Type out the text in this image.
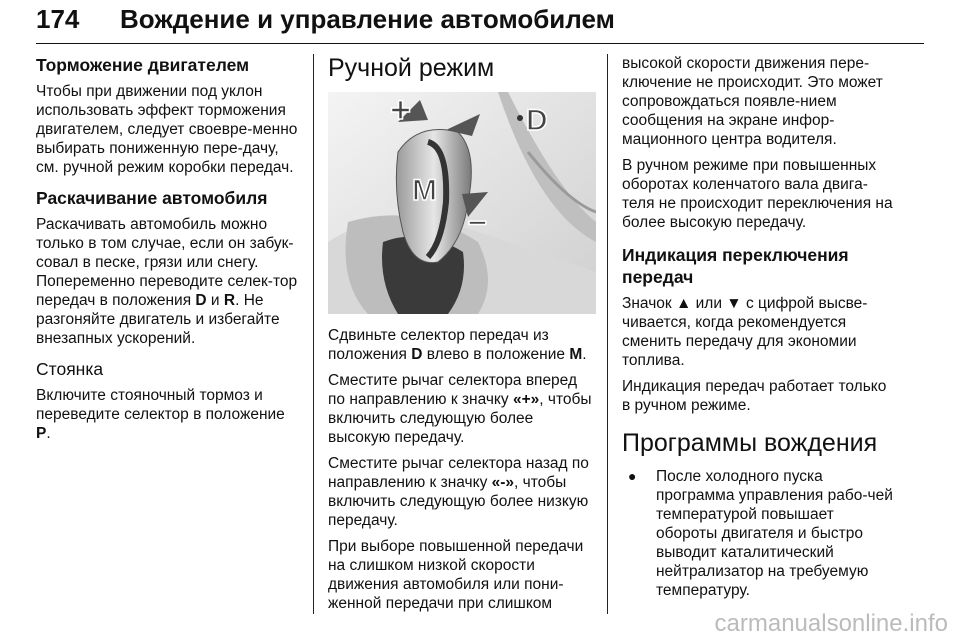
174 Вождение и управление автомобилем
Торможение двигателем

Чтобы при движении под уклон использовать эффект торможения двигателем, следует своевре-менно выбирать пониженную пере-дачу, см. ручной режим коробки передач.

Раскачивание автомобиля

Раскачивать автомобиль можно только в том случае, если он забук-совал в песке, грязи или снегу. Попеременно переводите селек-тор передач в положения D и R. Не разгоняйте двигатель и избегайте внезапных ускорений.

Стоянка

Включите стояночный тормоз и переведите селектор в положение P.

Ручной режим
+	D
M
–

Сдвиньте селектор передач из положения D влево в положение M.

Сместите рычаг селектора вперед по направлению к значку «+», чтобы включить следующую более высокую передачу.

Сместите рычаг селектора назад по направлению к значку «-», чтобы включить следующую более низкую передачу.

При выборе повышенной передачи на слишком низкой скорости движения автомобиля или пони-женной передачи при слишком

высокой скорости движения пере-ключение не происходит. Это может сопровождаться появле-нием сообщения на экране инфор-мационного центра водителя.

В ручном режиме при повышенных оборотах коленчатого вала двига-теля не происходит переключения на более высокую передачу.

Индикация переключения передач

Значок ▲ или ▼ с цифрой высве-чивается, когда рекомендуется сменить передачу для экономии топлива.

Индикация передач работает только в ручном режиме.

Программы вождения
●	После холодного пуска программа управления рабо-чей температурой повышает обороты двигателя и быстро выводит каталитический нейтрализатор на требуемую температуру.
carmanualsonline.info
